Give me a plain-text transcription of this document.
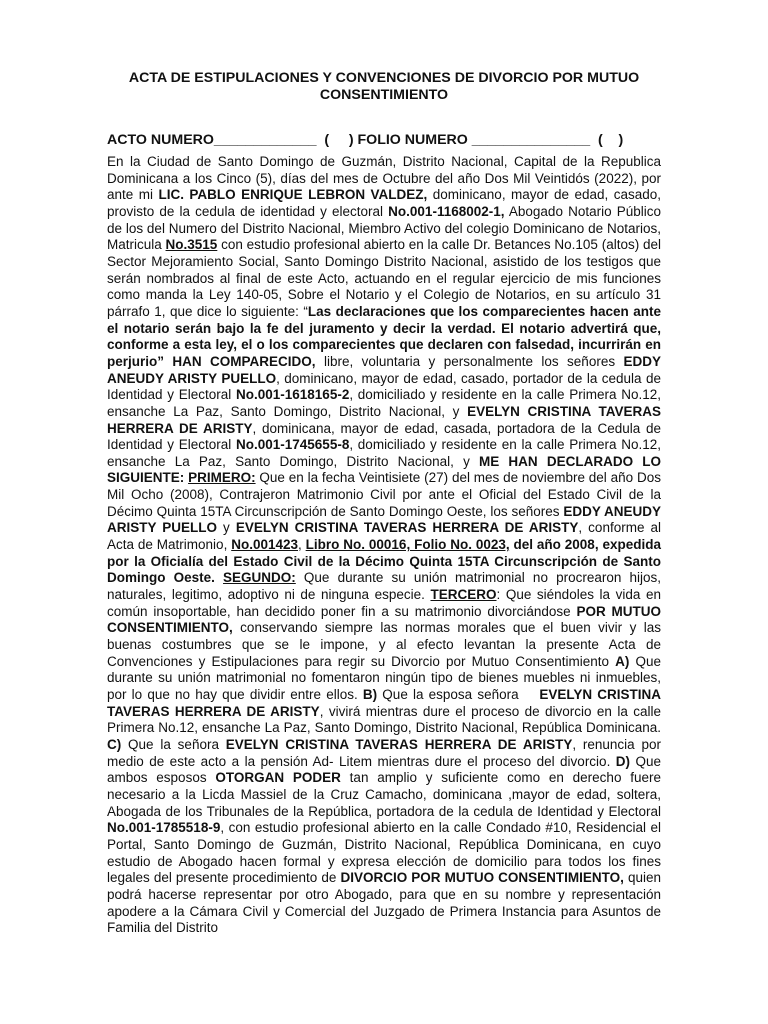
ACTA DE ESTIPULACIONES Y CONVENCIONES DE DIVORCIO POR MUTUO
CONSENTIMIENTO
ACTO NUMERO_____________  (     ) FOLIO NUMERO _______________  (    )
En la Ciudad de Santo Domingo de Guzmán, Distrito Nacional, Capital de la Republica Dominicana a los Cinco (5), días del mes de Octubre del año Dos Mil Veintidós (2022), por ante mi LIC. PABLO ENRIQUE LEBRON VALDEZ, dominicano, mayor de edad, casado, provisto de la cedula de identidad y electoral No.001-1168002-1, Abogado Notario Público de los del Numero del Distrito Nacional, Miembro Activo del colegio Dominicano de Notarios, Matricula No.3515 con estudio profesional abierto en la calle Dr. Betances No.105 (altos) del Sector Mejoramiento Social, Santo Domingo Distrito Nacional, asistido de los testigos que serán nombrados al final de este Acto, actuando en el regular ejercicio de mis funciones como manda la Ley 140-05, Sobre el Notario y el Colegio de Notarios, en su artículo 31 párrafo 1, que dice lo siguiente: “Las declaraciones que los comparecientes hacen ante el notario serán bajo la fe del juramento y decir la verdad. El notario advertirá que, conforme a esta ley, el o los comparecientes que declaren con falsedad, incurrirán en perjurio” HAN COMPARECIDO, libre, voluntaria y personalmente los señores EDDY ANEUDY ARISTY PUELLO, dominicano, mayor de edad, casado, portador de la cedula de Identidad y Electoral No.001-1618165-2, domiciliado y residente en la calle Primera No.12, ensanche La Paz, Santo Domingo, Distrito Nacional, y EVELYN CRISTINA TAVERAS HERRERA DE ARISTY, dominicana, mayor de edad, casada, portadora de la Cedula de Identidad y Electoral No.001-1745655-8, domiciliado y residente en la calle Primera No.12, ensanche La Paz, Santo Domingo, Distrito Nacional, y ME HAN DECLARADO LO SIGUIENTE: PRIMERO: Que en la fecha Veintisiete (27) del mes de noviembre del año Dos Mil Ocho (2008), Contrajeron Matrimonio Civil por ante el Oficial del Estado Civil de la Décimo Quinta 15TA Circunscripción de Santo Domingo Oeste, los señores EDDY ANEUDY ARISTY PUELLO y EVELYN CRISTINA TAVERAS HERRERA DE ARISTY, conforme al Acta de Matrimonio, No.001423, Libro No. 00016, Folio No. 0023, del año 2008, expedida por la Oficialía del Estado Civil de la Décimo Quinta 15TA Circunscripción de Santo Domingo Oeste. SEGUNDO: Que durante su unión matrimonial no procrearon hijos, naturales, legitimo, adoptivo ni de ninguna especie. TERCERO: Que siéndoles la vida en común insoportable, han decidido poner fin a su matrimonio divorciándose POR MUTUO CONSENTIMIENTO, conservando siempre las normas morales que el buen vivir y las buenas costumbres que se le impone, y al efecto levantan la presente Acta de Convenciones y Estipulaciones para regir su Divorcio por Mutuo Consentimiento A) Que durante su unión matrimonial no fomentaron ningún tipo de bienes muebles ni inmuebles, por lo que no hay que dividir entre ellos. B) Que la esposa señora    EVELYN CRISTINA TAVERAS HERRERA DE ARISTY, vivirá mientras dure el proceso de divorcio en la calle Primera No.12, ensanche La Paz, Santo Domingo, Distrito Nacional, República Dominicana. C) Que la señora EVELYN CRISTINA TAVERAS HERRERA DE ARISTY, renuncia por medio de este acto a la pensión Ad- Litem mientras dure el proceso del divorcio. D) Que ambos esposos OTORGAN PODER tan amplio y suficiente como en derecho fuere necesario a la Licda Massiel de la Cruz Camacho, dominicana ,mayor de edad, soltera, Abogada de los Tribunales de la República, portadora de la cedula de Identidad y Electoral No.001-1785518-9, con estudio profesional abierto en la calle Condado #10, Residencial el Portal, Santo Domingo de Guzmán, Distrito Nacional, República Dominicana, en cuyo estudio de Abogado hacen formal y expresa elección de domicilio para todos los fines legales del presente procedimiento de DIVORCIO POR MUTUO CONSENTIMIENTO, quien podrá hacerse representar por otro Abogado, para que en su nombre y representación apodere a la Cámara Civil y Comercial del Juzgado de Primera Instancia para Asuntos de Familia del Distrito
